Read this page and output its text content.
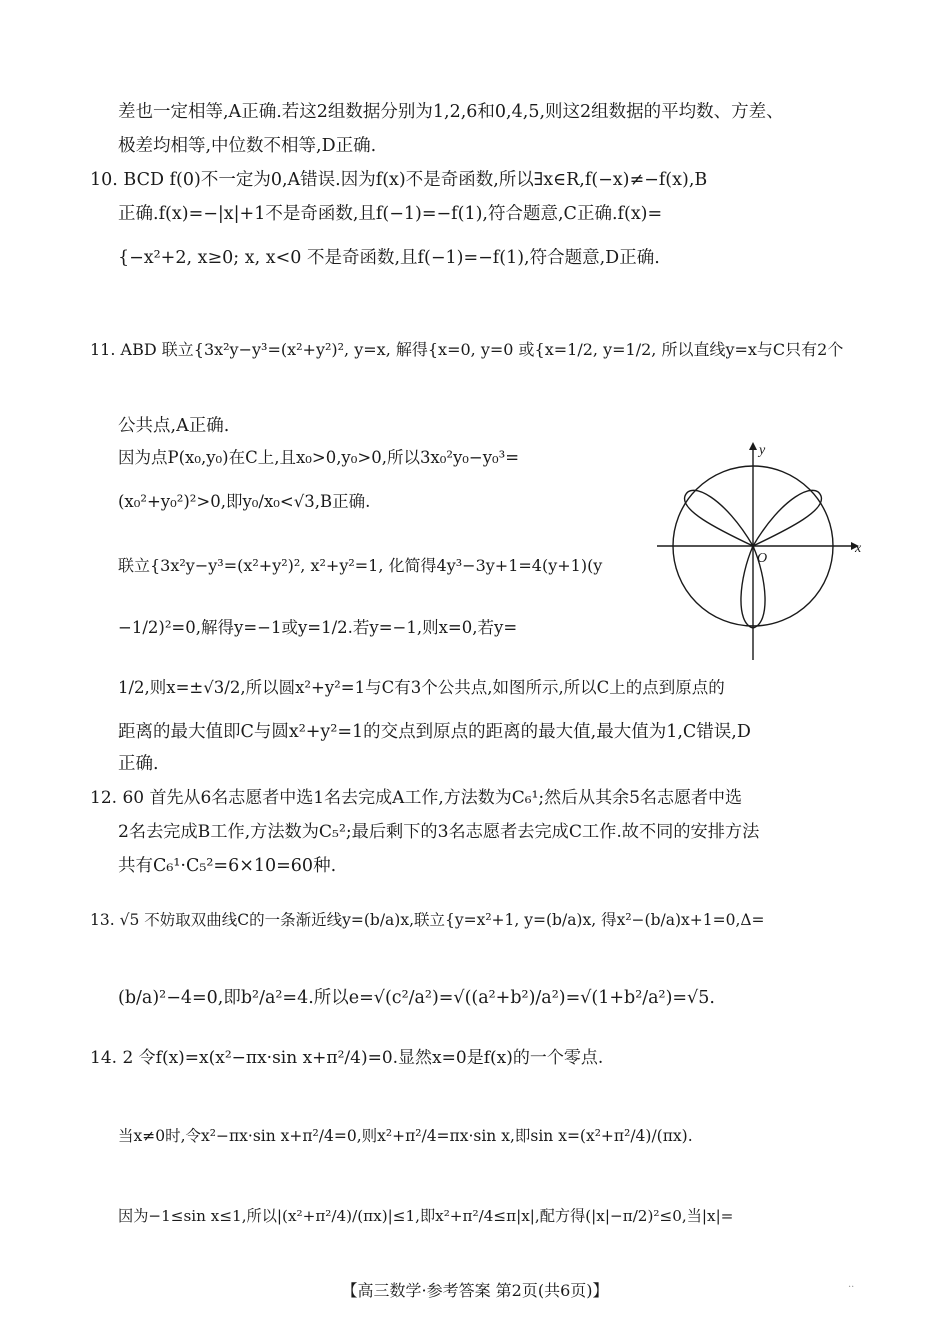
差也一定相等,A正确.若这2组数据分别为1,2,6和0,4,5,则这2组数据的平均数、方差、
极差均相等,中位数不相等,D正确.
10. BCD f(0)不一定为0,A错误.因为f(x)不是奇函数,所以∃x∈R,f(−x)≠−f(x),B
正确.f(x)=−|x|+1不是奇函数,且f(−1)=−f(1),符合题意,C正确.f(x)=
{−x²+2, x≥0; x, x<0 不是奇函数,且f(−1)=−f(1),符合题意,D正确.
11. ABD 联立{3x²y−y³=(x²+y²)², y=x, 解得{x=0, y=0 或{x=1/2, y=1/2, 所以直线y=x与C只有2个
公共点,A正确.
因为点P(x₀,y₀)在C上,且x₀>0,y₀>0,所以3x₀²y₀−y₀³=
(x₀²+y₀²)²>0,即y₀/x₀<√3,B正确.
联立{3x²y−y³=(x²+y²)², x²+y²=1, 化简得4y³−3y+1=4(y+1)(y
−1/2)²=0,解得y=−1或y=1/2.若y=−1,则x=0,若y=
1/2,则x=±√3/2,所以圆x²+y²=1与C有3个公共点,如图所示,所以C上的点到原点的
距离的最大值即C与圆x²+y²=1的交点到原点的距离的最大值,最大值为1,C错误,D
正确.
12. 60 首先从6名志愿者中选1名去完成A工作,方法数为C₆¹;然后从其余5名志愿者中选
2名去完成B工作,方法数为C₅²;最后剩下的3名志愿者去完成C工作.故不同的安排方法
共有C₆¹·C₅²=6×10=60种.
13. √5 不妨取双曲线C的一条渐近线y=(b/a)x,联立{y=x²+1, y=(b/a)x, 得x²−(b/a)x+1=0,Δ=
(b/a)²−4=0,即b²/a²=4.所以e=√(c²/a²)=√((a²+b²)/a²)=√(1+b²/a²)=√5.
14. 2 令f(x)=x(x²−πx·sin x+π²/4)=0.显然x=0是f(x)的一个零点.
当x≠0时,令x²−πx·sin x+π²/4=0,则x²+π²/4=πx·sin x,即sin x=(x²+π²/4)/(πx).
因为−1≤sin x≤1,所以|(x²+π²/4)/(πx)|≤1,即x²+π²/4≤π|x|,配方得(|x|−π/2)²≤0,当|x|=
x
y
O
【高三数学·参考答案 第2页(共6页)】	··
